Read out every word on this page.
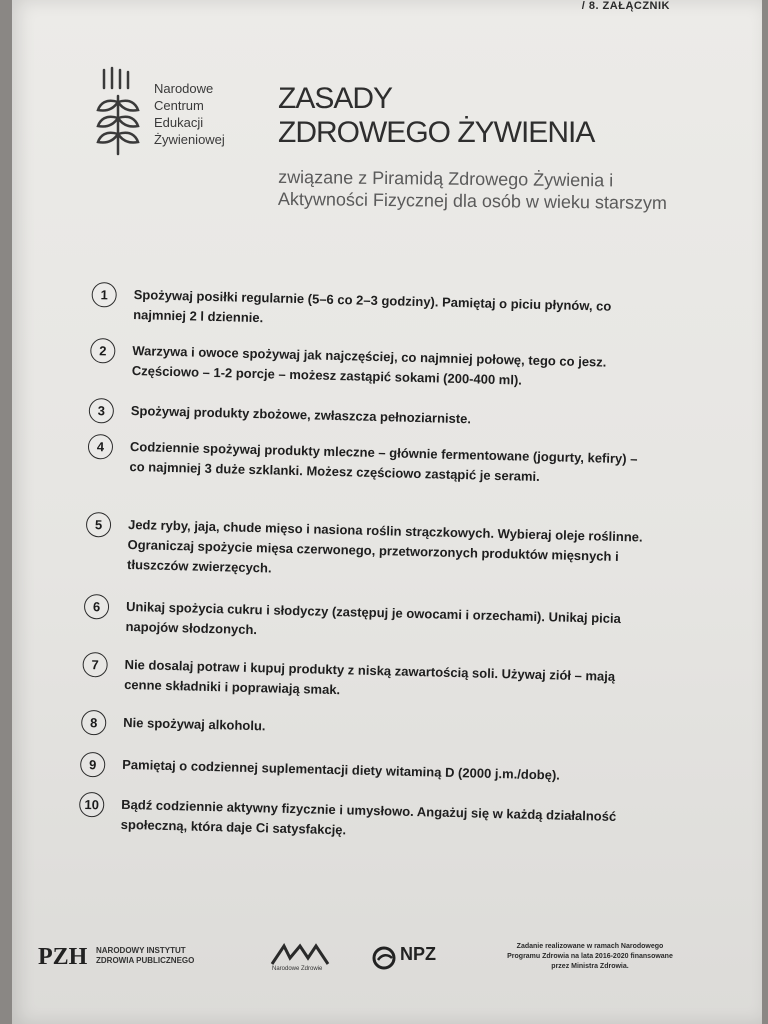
/ 8. ZAŁĄCZNIK
Narodowe
Centrum
Edukacji
Żywieniowej
ZASADY
ZDROWEGO ŻYWIENIA
związane z Piramidą Zdrowego Żywienia i Aktywności Fizycznej dla osób w wieku starszym
1	Spożywaj posiłki regularnie (5–6 co 2–3 godziny). Pamiętaj o piciu płynów, co najmniej 2 l dziennie.
2	Warzywa i owoce spożywaj jak najczęściej, co najmniej połowę, tego co jesz. Częściowo – 1-2 porcje – możesz zastąpić sokami (200-400 ml).
3	Spożywaj produkty zbożowe, zwłaszcza pełnoziarniste.
4	Codziennie spożywaj produkty mleczne – głównie fermentowane (jogurty, kefiry) – co najmniej 3 duże szklanki. Możesz częściowo zastąpić je serami.
5	Jedz ryby, jaja, chude mięso i nasiona roślin strączkowych. Wybieraj oleje roślinne. Ograniczaj spożycie mięsa czerwonego, przetworzonych produktów mięsnych i tłuszczów zwierzęcych.
6	Unikaj spożycia cukru i słodyczy (zastępuj je owocami i orzechami). Unikaj picia napojów słodzonych.
7	Nie dosalaj potraw i kupuj produkty z niską zawartością soli. Używaj ziół – mają cenne składniki i poprawiają smak.
8	Nie spożywaj alkoholu.
9	Pamiętaj o codziennej suplementacji diety witaminą D (2000 j.m./dobę).
10	Bądź codziennie aktywny fizycznie i umysłowo. Angażuj się w każdą działalność społeczną, która daje Ci satysfakcję.
PZH NARODOWY INSTYTUT
ZDROWIA PUBLICZNEGO
Narodowe Zdrowie
NPZ	Zadanie realizowane w ramach Narodowego Programu Zdrowia na lata 2016-2020 finansowane przez Ministra Zdrowia.
